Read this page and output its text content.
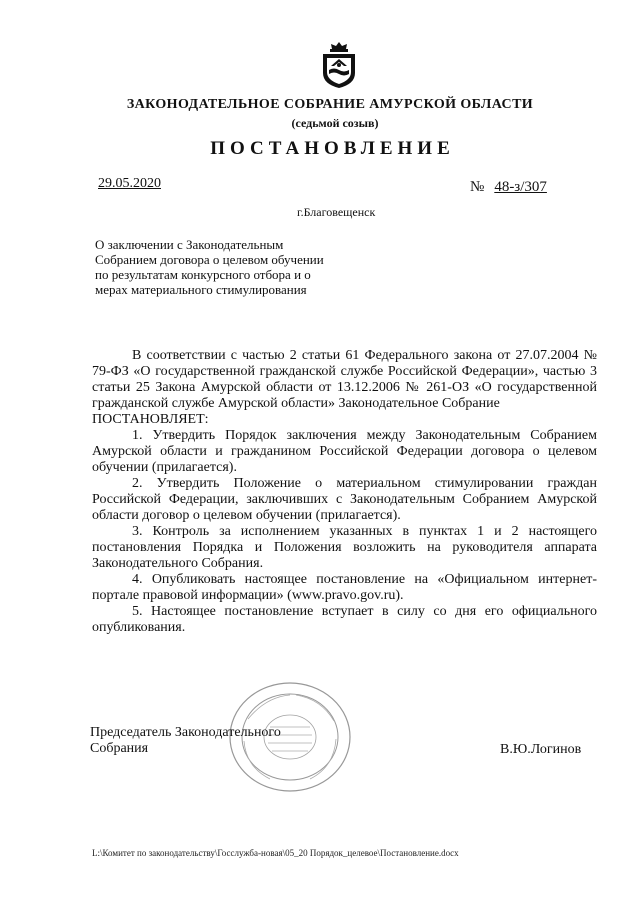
ЗАКОНОДАТЕЛЬНОЕ СОБРАНИЕ АМУРСКОЙ ОБЛАСТИ
(седьмой созыв)
ПОСТАНОВЛЕНИЕ
29.05.2020	№ 48-з/307
г.Благовещенск
О заключении с Законодательным Собранием договора о целевом обучении по результатам конкурсного отбора и о мерах материального стимулирования

В соответствии с частью 2 статьи 61 Федерального закона от 27.07.2004 № 79-ФЗ «О государственной гражданской службе Российской Федерации», частью 3 статьи 25 Закона Амурской области от 13.12.2006 № 261-ОЗ «О государственной гражданской службе Амурской области» Законодательное Собрание

ПОСТАНОВЛЯЕТ:

1. Утвердить Порядок заключения между Законодательным Собранием Амурской области и гражданином Российской Федерации договора о целевом обучении (прилагается).

2. Утвердить Положение о материальном стимулировании граждан Российской Федерации, заключивших с Законодательным Собранием Амурской области договор о целевом обучении (прилагается).

3. Контроль за исполнением указанных в пунктах 1 и 2 настоящего постановления Порядка и Положения возложить на руководителя аппарата Законодательного Собрания.

4. Опубликовать настоящее постановление на «Официальном интернет-портале правовой информации» (www.pravo.gov.ru).

5. Настоящее постановление вступает в силу со дня его официального опубликования.

Председатель Законодательного
Собрания	В.Ю.Логинов
L:\Комитет по законодательству\Госслужба-новая\05_20 Порядок_целевое\Постановление.docx
